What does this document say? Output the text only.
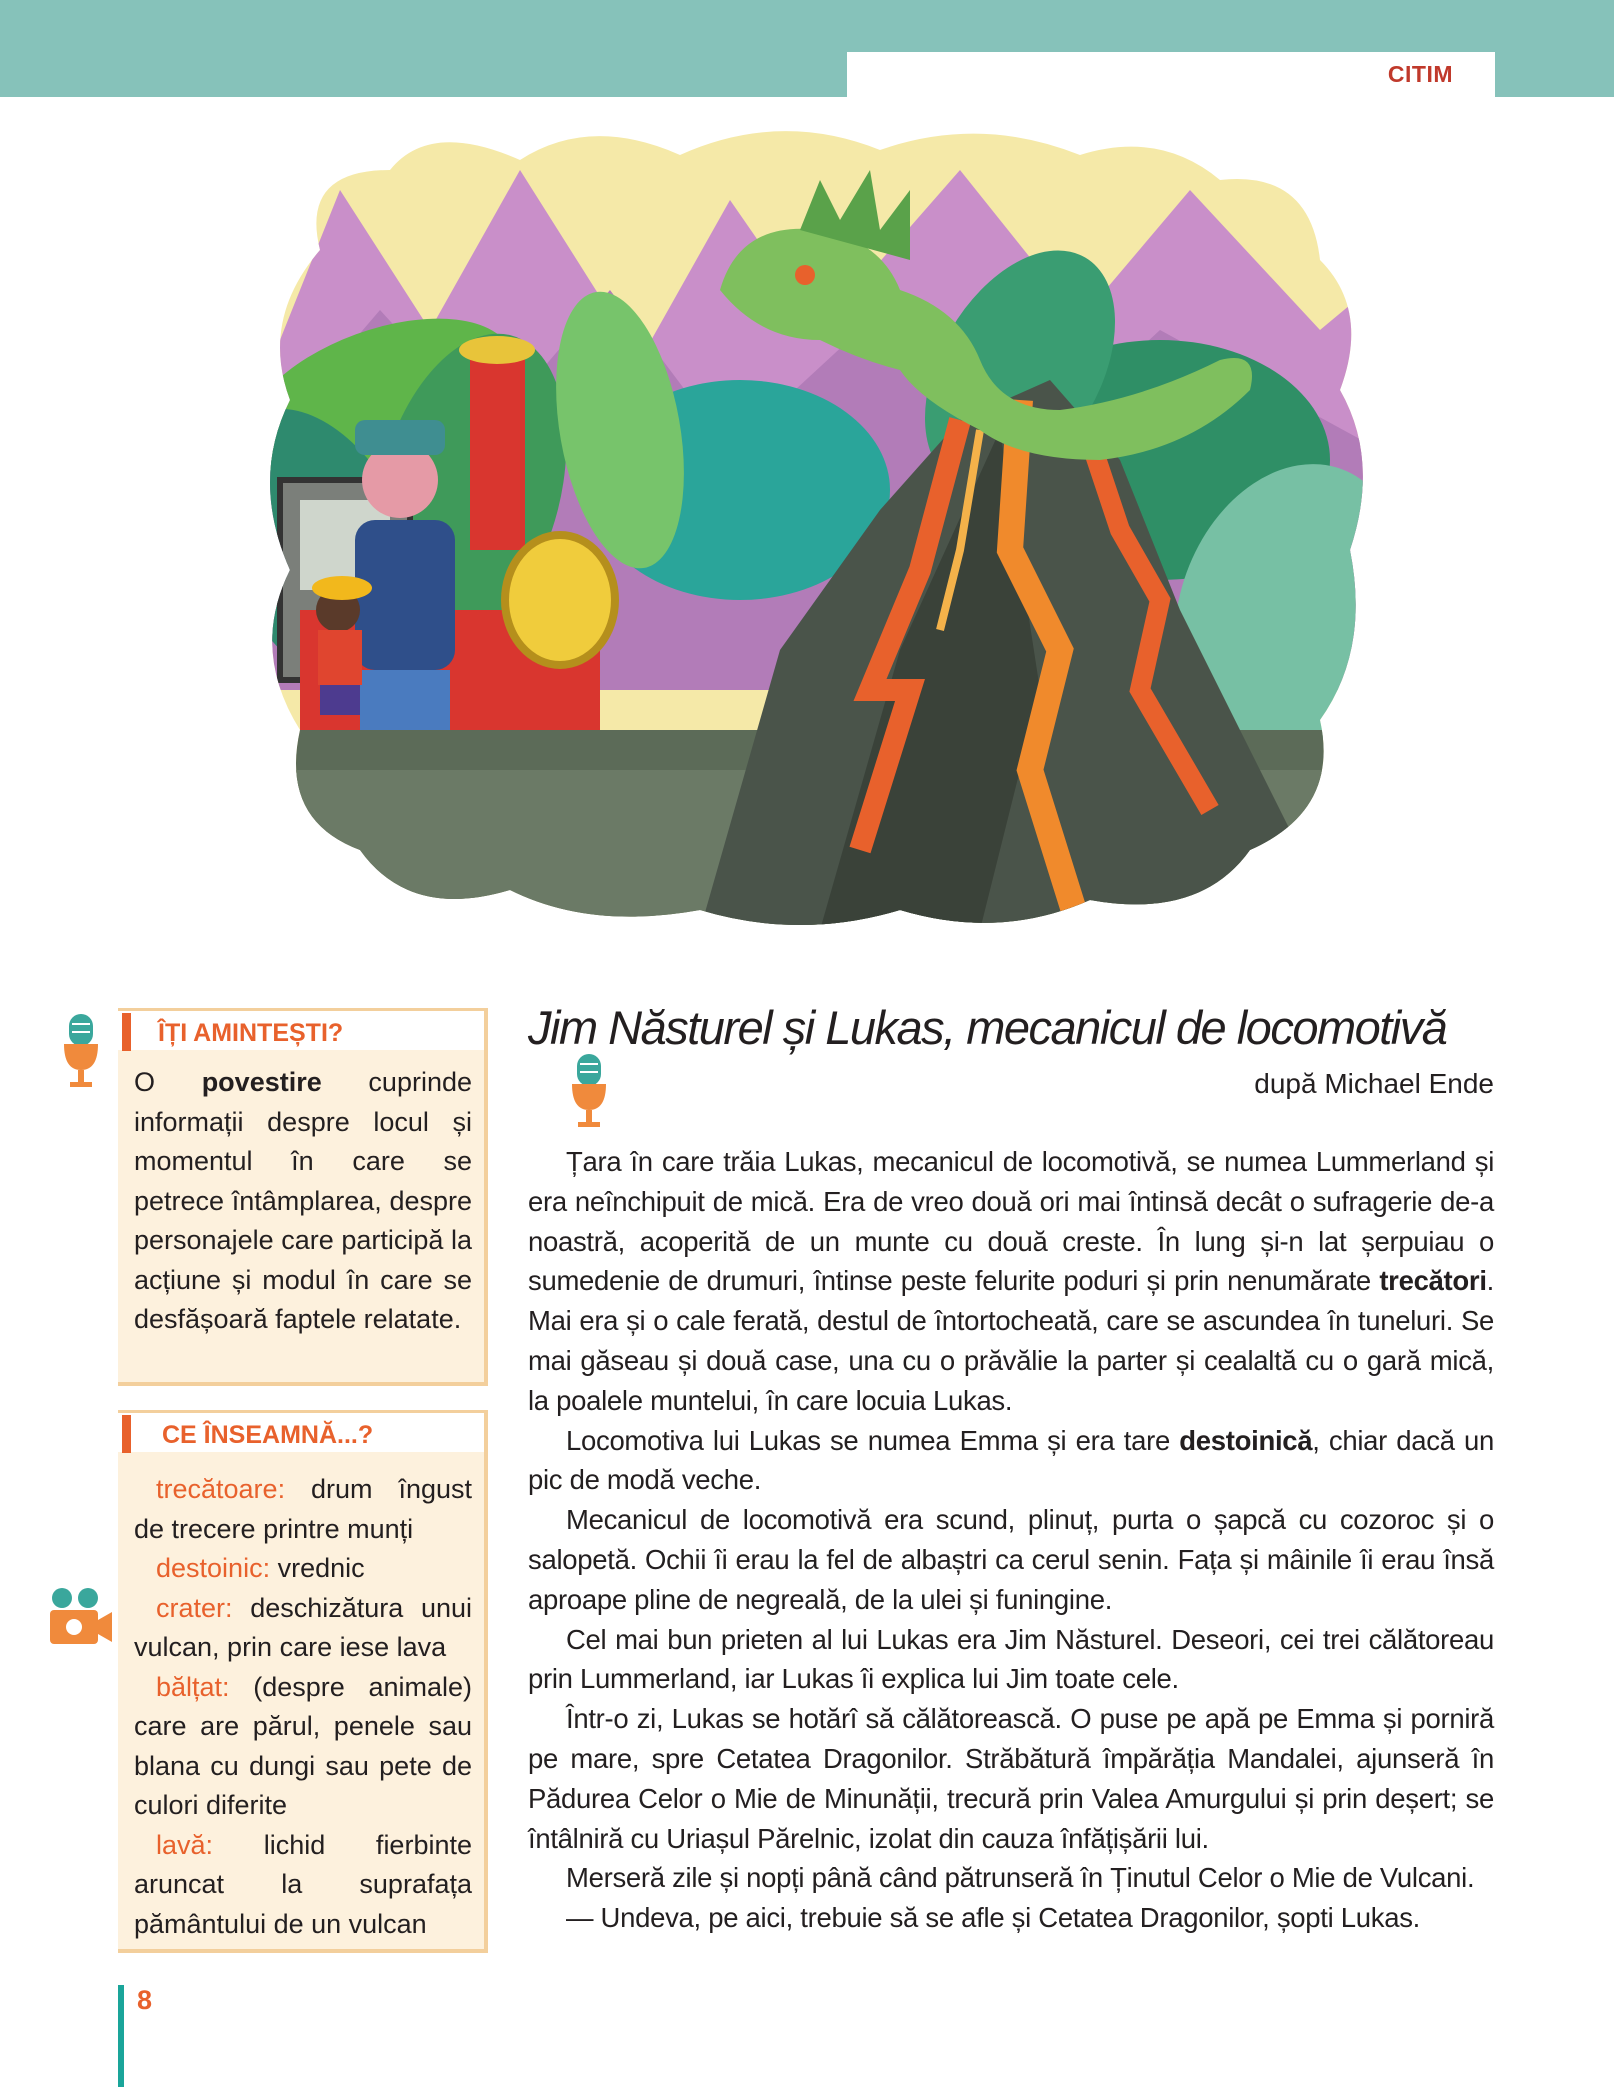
CITIM
ÎȚI AMINTEȘTI?
O povestire cuprinde informații despre locul și momentul în care se petrece întâmplarea, despre personajele care participă la acțiune și modul în care se desfășoară faptele relatate.
CE ÎNSEAMNĂ...?

trecătoare: drum îngust de trecere printre munți

destoinic: vrednic

crater: deschizătura unui vulcan, prin care iese lava

bălțat: (despre animale) care are părul, penele sau blana cu dungi sau pete de culori diferite

lavă: lichid fierbinte aruncat la suprafața pământului de un vulcan

8
Jim Năsturel și Lukas, mecanicul de locomotivă
după Michael Ende

Țara în care trăia Lukas, mecanicul de locomotivă, se numea Lummerland și era neînchipuit de mică. Era de vreo două ori mai întinsă decât o sufragerie de-a noastră, acoperită de un munte cu două creste. În lung și-n lat șerpuiau o sumedenie de drumuri, întinse peste felurite poduri și prin nenumărate trecători. Mai era și o cale ferată, destul de întortocheată, care se ascundea în tuneluri. Se mai găseau și două case, una cu o prăvălie la parter și cealaltă cu o gară mică, la poalele muntelui, în care locuia Lukas.

Locomotiva lui Lukas se numea Emma și era tare destoinică, chiar dacă un pic de modă veche.

Mecanicul de locomotivă era scund, plinuț, purta o șapcă cu cozoroc și o salopetă. Ochii îi erau la fel de albaștri ca cerul senin. Fața și mâinile îi erau însă aproape pline de negreală, de la ulei și funingine.

Cel mai bun prieten al lui Lukas era Jim Năsturel. Deseori, cei trei călătoreau prin Lummerland, iar Lukas îi explica lui Jim toate cele.

Într-o zi, Lukas se hotărî să călătorească. O puse pe apă pe Emma și porniră pe mare, spre Cetatea Dragonilor. Străbătură împărăția Mandalei, ajunseră în Pădurea Celor o Mie de Minunății, trecură prin Valea Amurgului și prin deșert; se întâlniră cu Uriașul Părelnic, izolat din cauza înfățișării lui.

Merseră zile și nopți până când pătrunseră în Ținutul Celor o Mie de Vulcani.

— Undeva, pe aici, trebuie să se afle și Cetatea Dragonilor, șopti Lukas.
